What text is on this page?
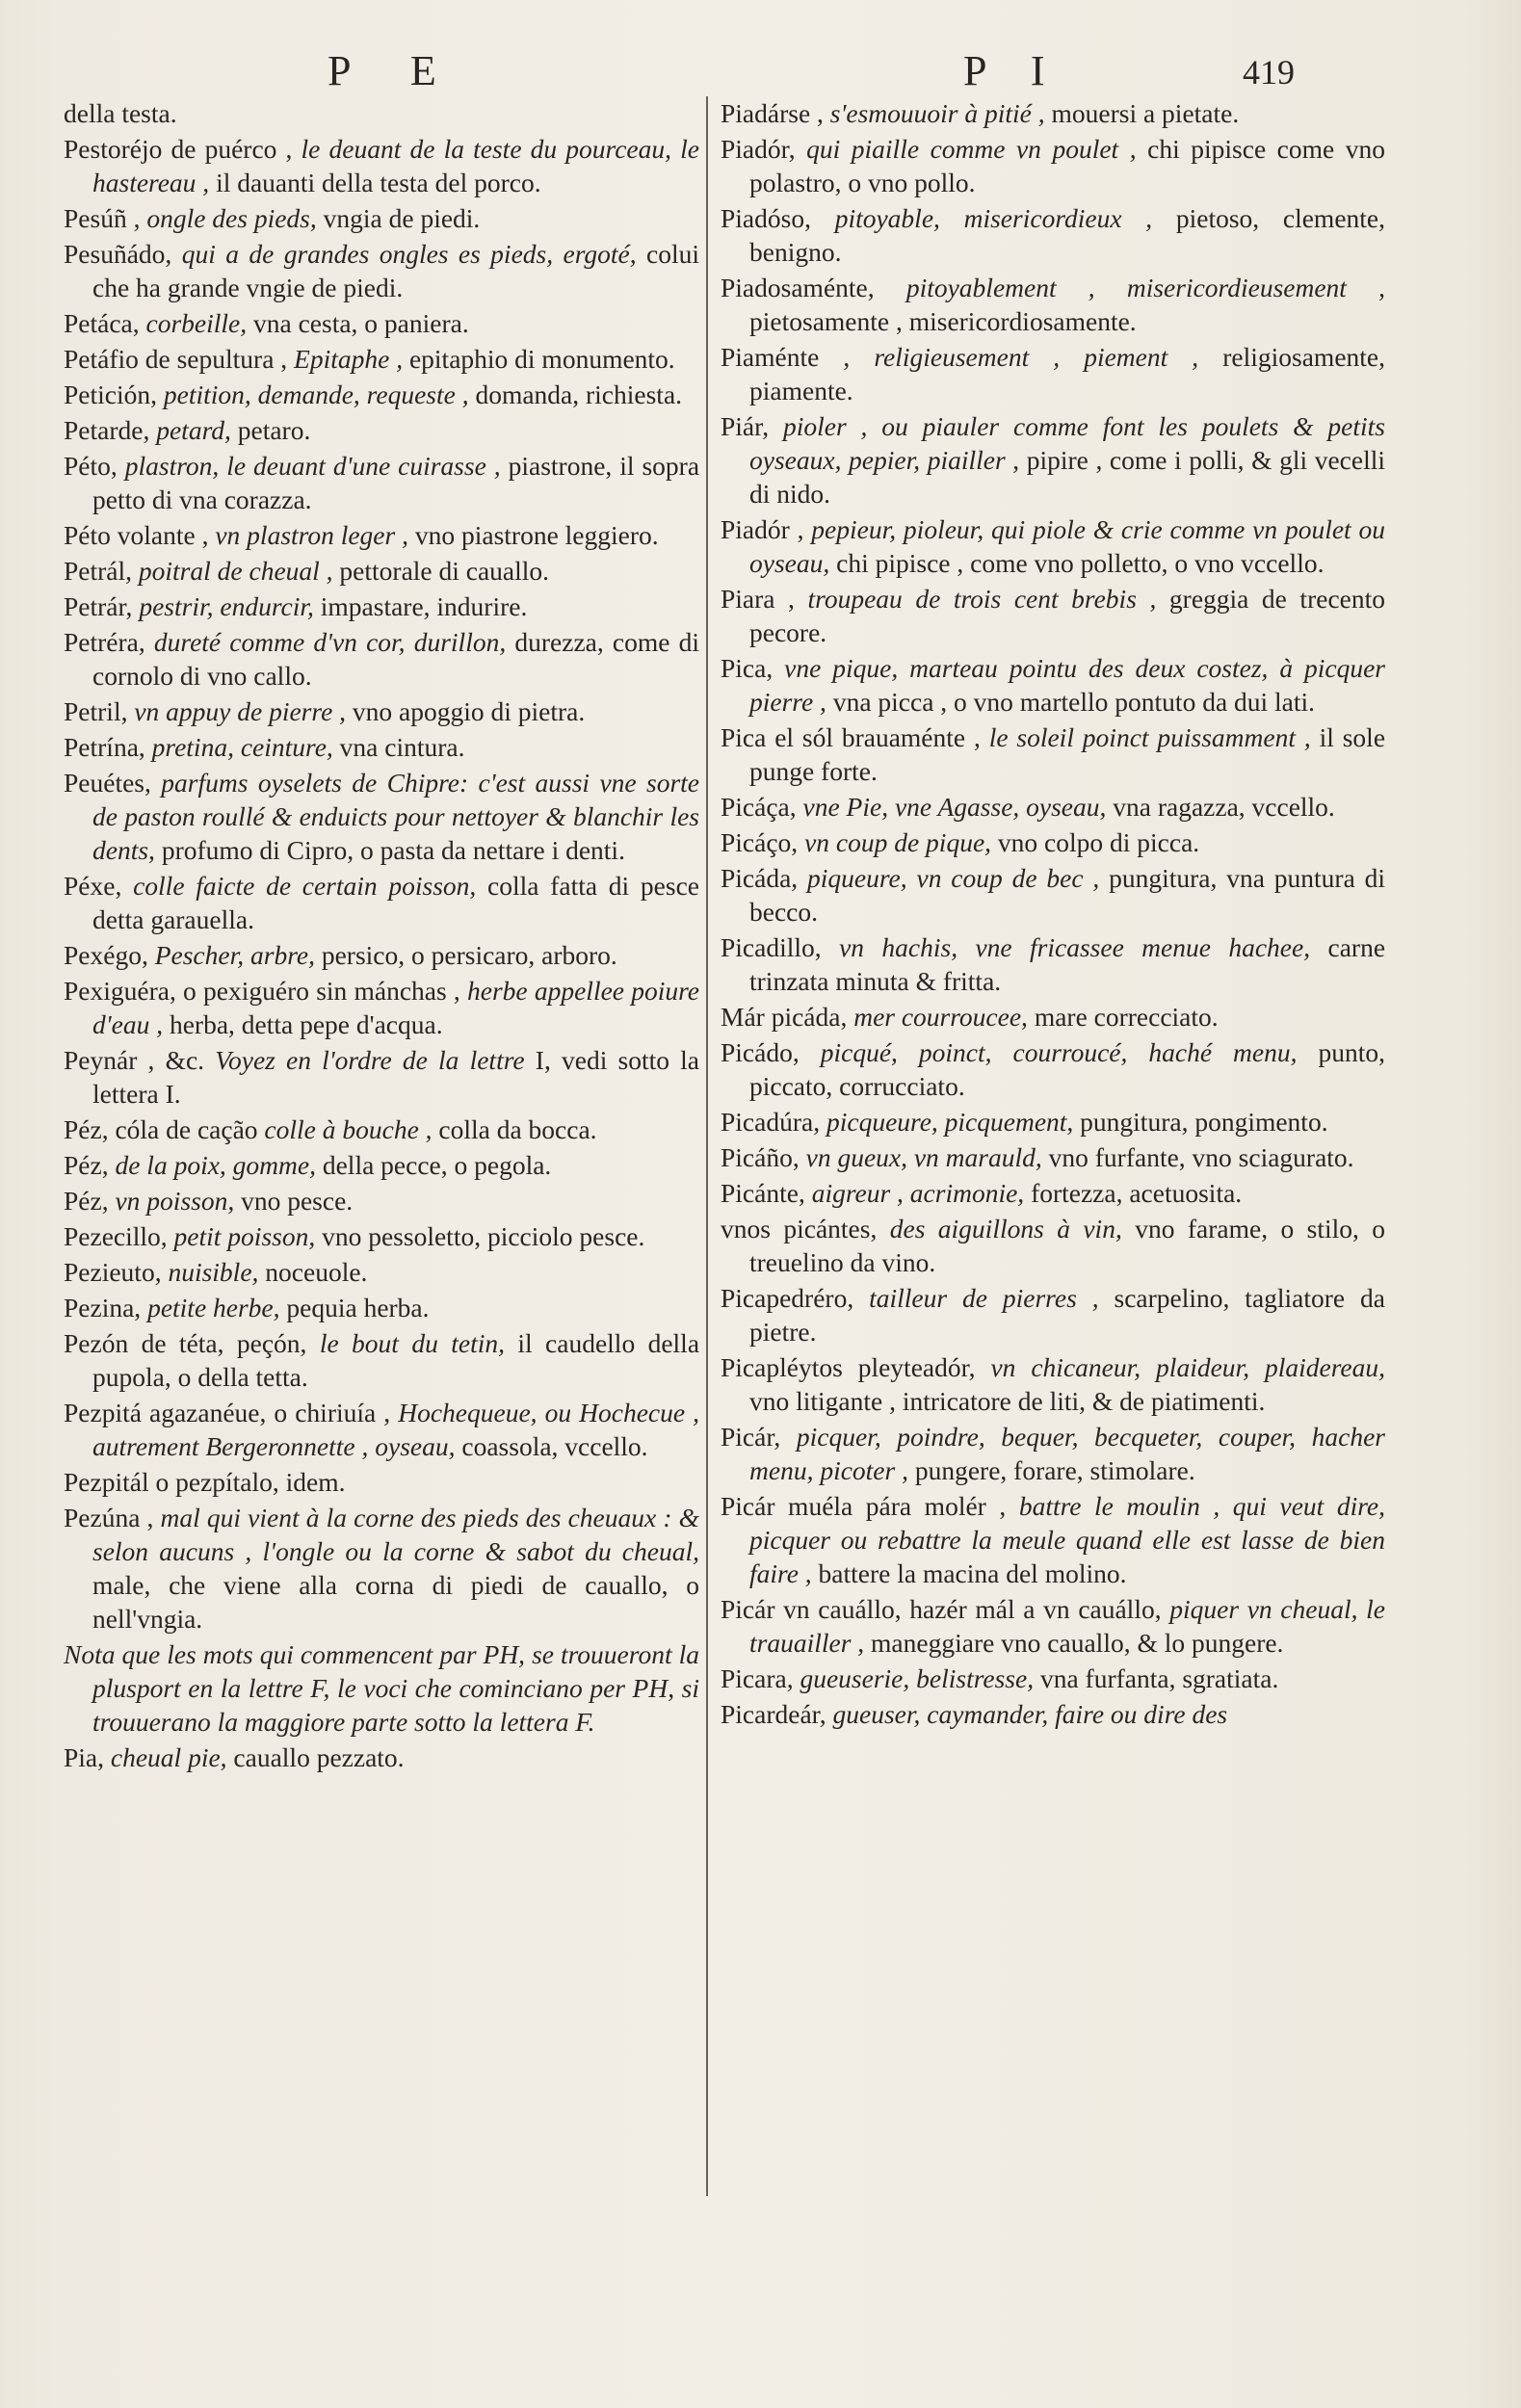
P E	P I	419

della testa.

Pestoréjo de puérco , le deuant de la teste du pourceau, le hastereau , il dauanti della testa del porco.

Pesúñ , ongle des pieds, vngia de piedi.

Pesuñádo, qui a de grandes ongles es pieds, ergoté, colui che ha grande vngie de piedi.

Petáca, corbeille, vna cesta, o paniera.

Petáfio de sepultura , Epitaphe , epitaphio di monumento.

Petición, petition, demande, requeste , domanda, richiesta.

Petarde, petard, petaro.

Péto, plastron, le deuant d'une cuirasse , piastrone, il sopra petto di vna corazza.

Péto volante , vn plastron leger , vno piastrone leggiero.

Petrál, poitral de cheual , pettorale di cauallo.

Petrár, pestrir, endurcir, impastare, indurire.

Petréra, dureté comme d'vn cor, durillon, durezza, come di cornolo di vno callo.

Petril, vn appuy de pierre , vno apoggio di pietra.

Petrína, pretina, ceinture, vna cintura.

Peuétes, parfums oyselets de Chipre: c'est aussi vne sorte de paston roullé & enduicts pour nettoyer & blanchir les dents, profumo di Cipro, o pasta da nettare i denti.

Péxe, colle faicte de certain poisson, colla fatta di pesce detta garauella.

Pexégo, Pescher, arbre, persico, o persicaro, arboro.

Pexiguéra, o pexiguéro sin mánchas , herbe appellee poiure d'eau , herba, detta pepe d'acqua.

Peynár , &c. Voyez en l'ordre de la lettre I, vedi sotto la lettera I.

Péz, cóla de cação colle à bouche , colla da bocca.

Péz, de la poix, gomme, della pecce, o pegola.

Péz, vn poisson, vno pesce.

Pezecillo, petit poisson, vno pessoletto, picciolo pesce.

Pezieuto, nuisible, noceuole.

Pezina, petite herbe, pequia herba.

Pezón de téta, peçón, le bout du tetin, il caudello della pupola, o della tetta.

Pezpitá agazanéue, o chiriuía , Hochequeue, ou Hochecue , autrement Bergeronnette , oyseau, coassola, vccello.

Pezpitál o pezpítalo, idem.

Pezúna , mal qui vient à la corne des pieds des cheuaux : & selon aucuns , l'ongle ou la corne & sabot du cheual, male, che viene alla corna di piedi de cauallo, o nell'vngia.

Nota que les mots qui commencent par PH, se trouueront la plusport en la lettre F, le voci che cominciano per PH, si trouuerano la maggiore parte sotto la lettera F.

Pia, cheual pie, cauallo pezzato.

Piadárse , s'esmouuoir à pitié , mouersi a pietate.

Piadór, qui piaille comme vn poulet , chi pipisce come vno polastro, o vno pollo.

Piadóso, pitoyable, misericordieux , pietoso, clemente, benigno.

Piadosaménte, pitoyablement , misericordieusement , pietosamente , misericordiosamente.

Piaménte , religieusement , piement , religiosamente, piamente.

Piár, pioler , ou piauler comme font les poulets & petits oyseaux, pepier, piailler , pipire , come i polli, & gli vecelli di nido.

Piadór , pepieur, pioleur, qui piole & crie comme vn poulet ou oyseau, chi pipisce , come vno polletto, o vno vccello.

Piara , troupeau de trois cent brebis , greggia de trecento pecore.

Pica, vne pique, marteau pointu des deux costez, à picquer pierre , vna picca , o vno martello pontuto da dui lati.

Pica el sól brauaménte , le soleil poinct puissamment , il sole punge forte.

Picáça, vne Pie, vne Agasse, oyseau, vna ragazza, vccello.

Picáço, vn coup de pique, vno colpo di picca.

Picáda, piqueure, vn coup de bec , pungitura, vna puntura di becco.

Picadillo, vn hachis, vne fricassee menue hachee, carne trinzata minuta & fritta.

Már picáda, mer courroucee, mare correcciato.

Picádo, picqué, poinct, courroucé, haché menu, punto, piccato, corrucciato.

Picadúra, picqueure, picquement, pungitura, pongimento.

Picáño, vn gueux, vn marauld, vno furfante, vno sciagurato.

Picánte, aigreur , acrimonie, fortezza, acetuosita.

vnos picántes, des aiguillons à vin, vno farame, o stilo, o treuelino da vino.

Picapedréro, tailleur de pierres , scarpelino, tagliatore da pietre.

Picapléytos pleyteadór, vn chicaneur, plaideur, plaidereau, vno litigante , intricatore de liti, & de piatimenti.

Picár, picquer, poindre, bequer, becqueter, couper, hacher menu, picoter , pungere, forare, stimolare.

Picár muéla pára molér , battre le moulin , qui veut dire, picquer ou rebattre la meule quand elle est lasse de bien faire , battere la macina del molino.

Picár vn cauállo, hazér mál a vn cauállo, piquer vn cheual, le trauailler , maneggiare vno cauallo, & lo pungere.

Picara, gueuserie, belistresse, vna furfanta, sgratiata.

Picardeár, gueuser, caymander, faire ou dire des
